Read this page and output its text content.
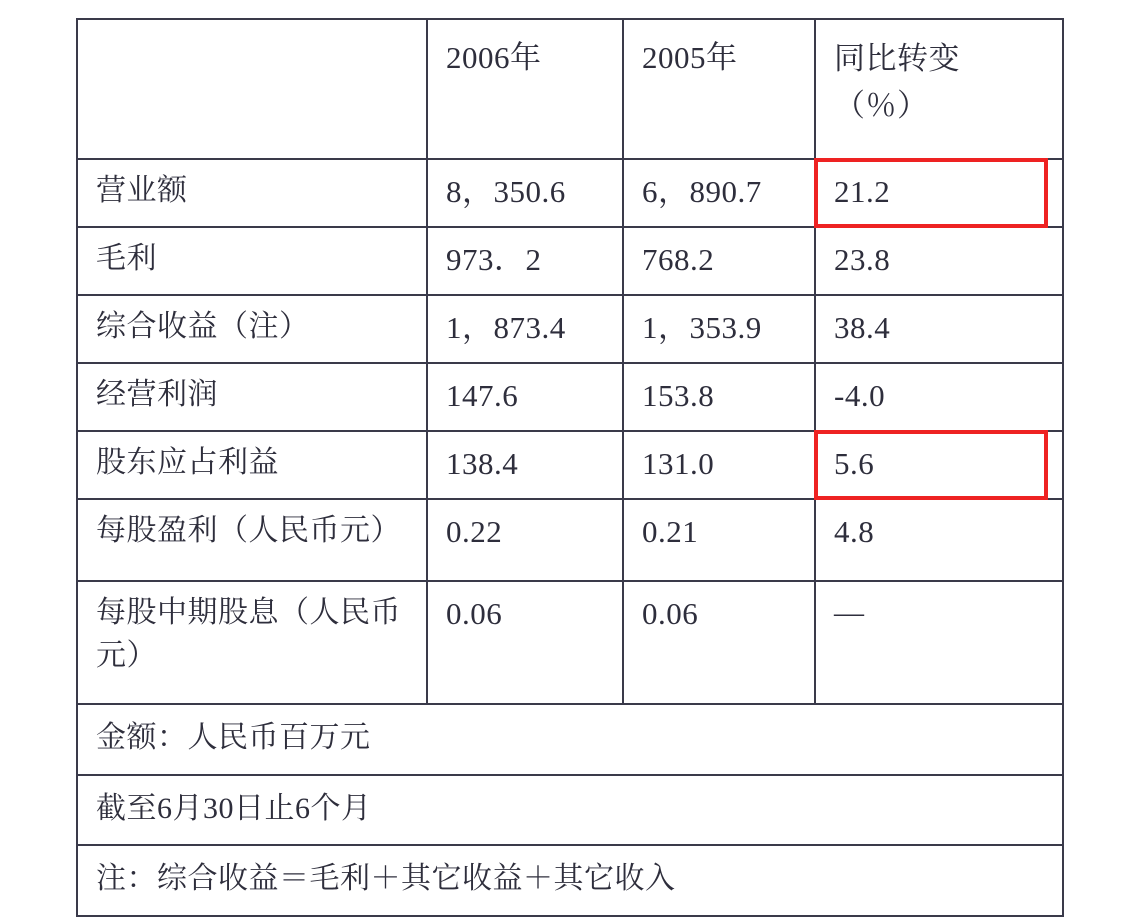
	2006年	2005年	同比转变
（％）

营业额	8，350.6	6，890.7	21.2

毛利	973．2	768.2	23.8

综合收益（注）	1，873.4	1，353.9	38.4

经营利润	147.6	153.8	-4.0

股东应占利益	138.4	131.0	5.6

每股盈利（人民币元）	0.22	0.21	4.8

每股中期股息（人民币元）	0.06	0.06	—

金额：人民币百万元			

截至6月30日止6个月			

注：综合收益＝毛利＋其它收益＋其它收入			
